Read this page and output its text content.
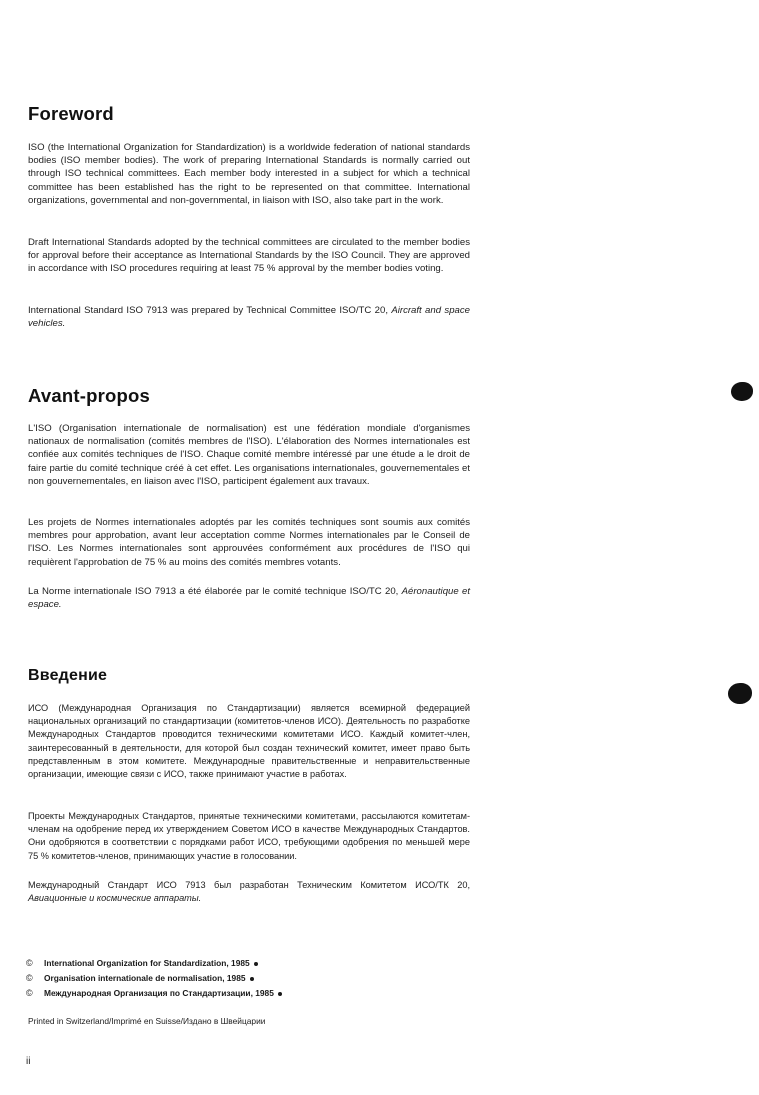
Foreword

ISO (the International Organization for Standardization) is a worldwide federation of national standards bodies (ISO member bodies). The work of preparing International Standards is normally carried out through ISO technical committees. Each member body interested in a subject for which a technical committee has been established has the right to be represented on that committee. International organizations, governmental and non-governmental, in liaison with ISO, also take part in the work.

Draft International Standards adopted by the technical committees are circulated to the member bodies for approval before their acceptance as International Standards by the ISO Council. They are approved in accordance with ISO procedures requiring at least 75 % approval by the member bodies voting.

International Standard ISO 7913 was prepared by Technical Committee ISO/TC 20, Aircraft and space vehicles.

Avant-propos

L'ISO (Organisation internationale de normalisation) est une fédération mondiale d'organismes nationaux de normalisation (comités membres de l'ISO). L'élaboration des Normes internationales est confiée aux comités techniques de l'ISO. Chaque comité membre intéressé par une étude a le droit de faire partie du comité technique créé à cet effet. Les organisations internationales, gouvernementales et non gouvernementales, en liaison avec l'ISO, participent également aux travaux.

Les projets de Normes internationales adoptés par les comités techniques sont soumis aux comités membres pour approbation, avant leur acceptation comme Normes internationales par le Conseil de l'ISO. Les Normes internationales sont approuvées conformément aux procédures de l'ISO qui requièrent l'approbation de 75 % au moins des comités membres votants.

La Norme internationale ISO 7913 a été élaborée par le comité technique ISO/TC 20, Aéronautique et espace.

Введение

ИСО (Международная Организация по Стандартизации) является всемирной федерацией национальных организаций по стандартизации (комитетов-членов ИСО). Деятельность по разработке Международных Стандартов проводится техническими комитетами ИСО. Каждый комитет-член, заинтересованный в деятельности, для которой был создан технический комитет, имеет право быть представленным в этом комитете. Международные правительственные и неправительственные организации, имеющие связи с ИСО, также принимают участие в работах.

Проекты Международных Стандартов, принятые техническими комитетами, рассылаются комитетам-членам на одобрение перед их утверждением Советом ИСО в качестве Международных Стандартов. Они одобряются в соответствии с порядками работ ИСО, требующими одобрения по меньшей мере 75 % комитетов-членов, принимающих участие в голосовании.

Международный Стандарт ИСО 7913 был разработан Техническим Комитетом ИСО/ТК 20, Авиационные и космические аппараты.

© International Organization for Standardization, 1985
© Organisation internationale de normalisation, 1985
© Международная Организация по Стандартизации, 1985
Printed in Switzerland/Imprimé en Suisse/Издано в Швейцарии
ii
